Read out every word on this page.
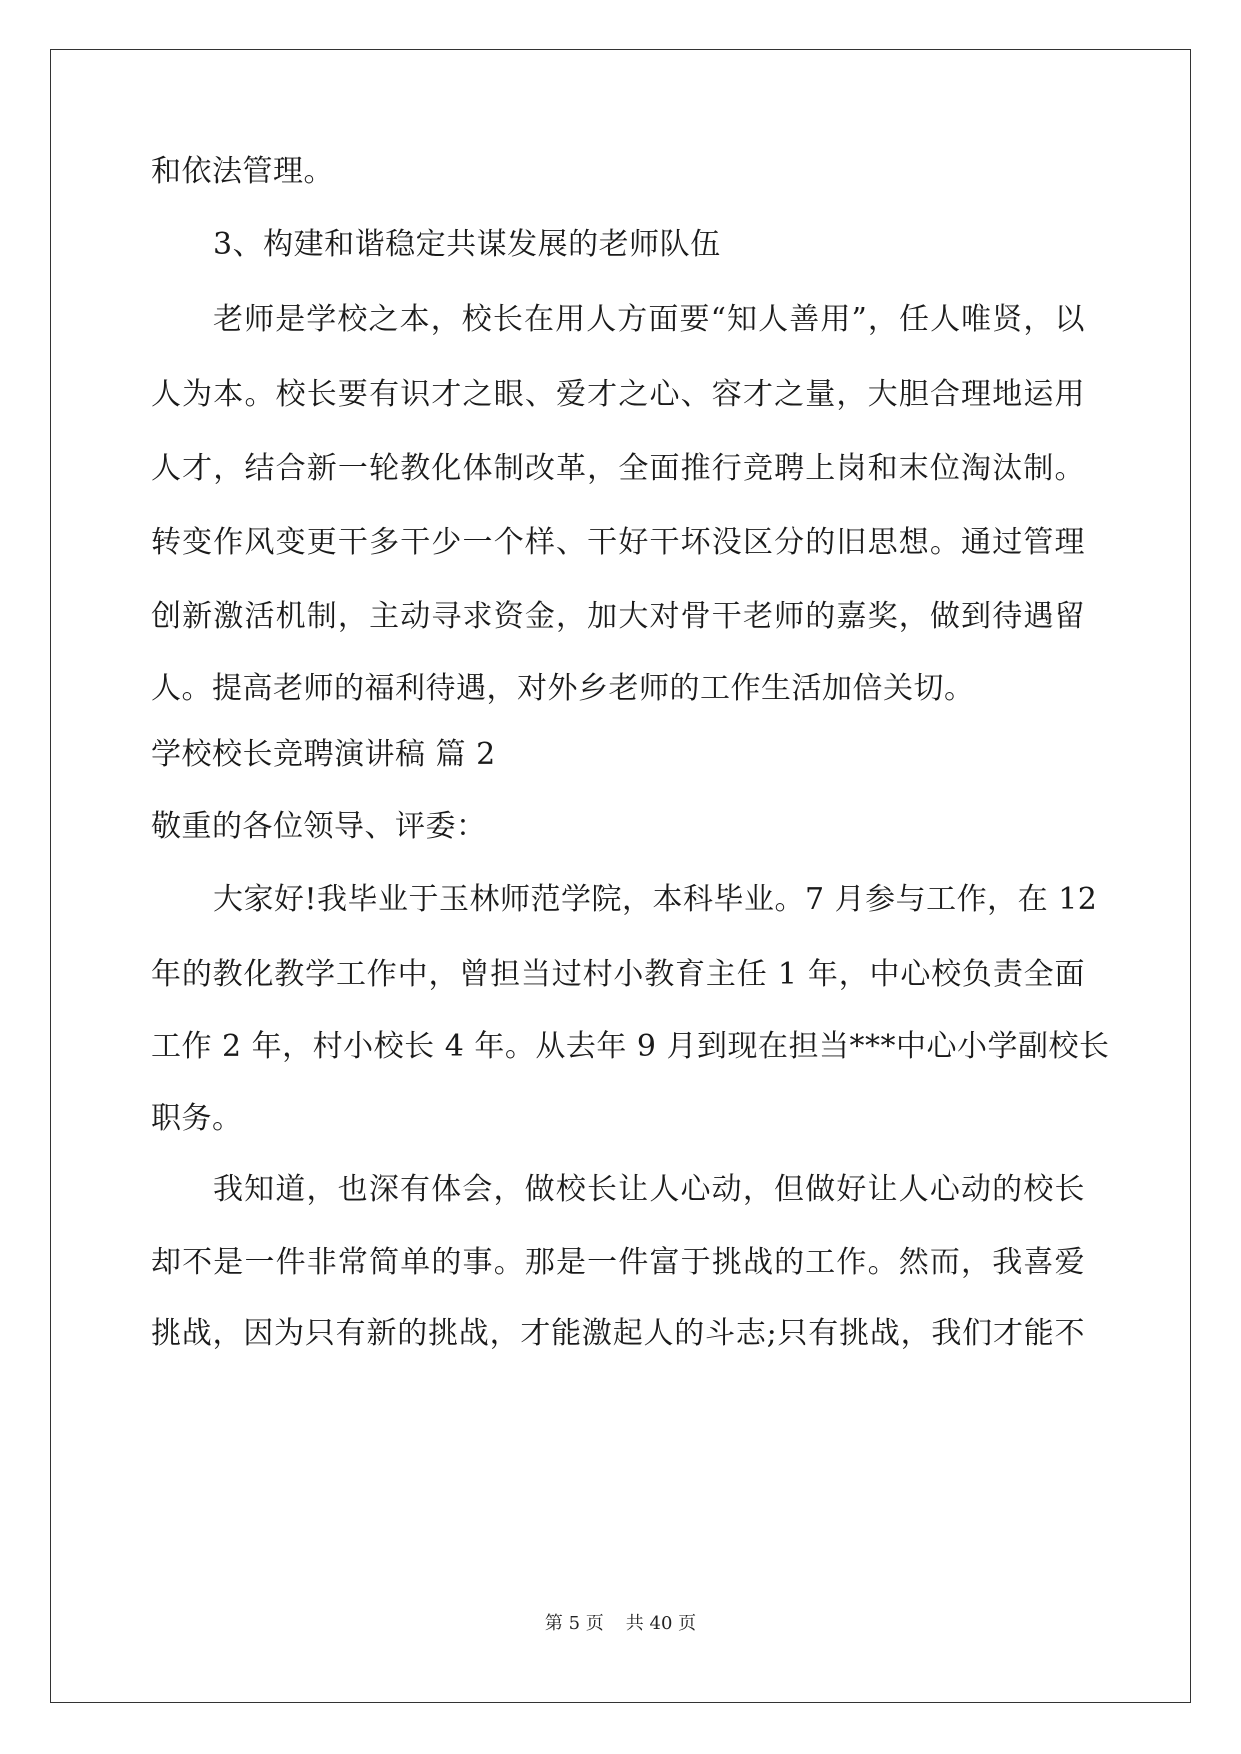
和依法管理。
3、构建和谐稳定共谋发展的老师队伍
老师是学校之本，校长在用人方面要“知人善用”，任人唯贤，以
人为本。校长要有识才之眼、爱才之心、容才之量，大胆合理地运用
人才，结合新一轮教化体制改革，全面推行竞聘上岗和末位淘汰制。
转变作风变更干多干少一个样、干好干坏没区分的旧思想。通过管理
创新激活机制，主动寻求资金，加大对骨干老师的嘉奖，做到待遇留
人。提高老师的福利待遇，对外乡老师的工作生活加倍关切。
学校校长竞聘演讲稿 篇 2
敬重的各位领导、评委：
大家好!我毕业于玉林师范学院，本科毕业。7 月参与工作，在 12
年的教化教学工作中，曾担当过村小教育主任 1 年，中心校负责全面
工作 2 年，村小校长 4 年。从去年 9 月到现在担当***中心小学副校长
职务。
我知道，也深有体会，做校长让人心动，但做好让人心动的校长
却不是一件非常简单的事。那是一件富于挑战的工作。然而，我喜爱
挑战，因为只有新的挑战，才能激起人的斗志;只有挑战，我们才能不
第 5 页 共 40 页
